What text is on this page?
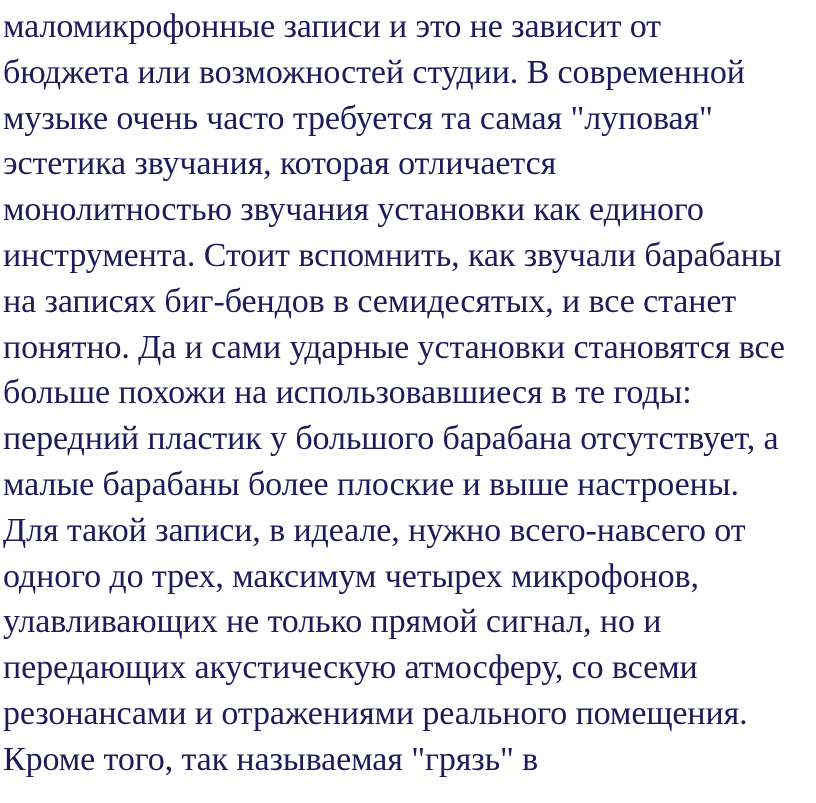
маломикрофонные записи и это не зависит от
бюджета или возможностей студии. В современной
музыке очень часто требуется та самая "луповая"
эстетика звучания, которая отличается
монолитностью звучания установки как единого
инструмента. Стоит вспомнить, как звучали барабаны
на записях биг-бендов в семидесятых, и все станет
понятно. Да и сами ударные установки становятся все
больше похожи на использовавшиеся в те годы:
передний пластик у большого барабана отсутствует, а
малые барабаны более плоские и выше настроены.
Для такой записи, в идеале, нужно всего-навсего от
одного до трех, максимум четырех микрофонов,
улавливающих не только прямой сигнал, но и
передающих акустическую атмосферу, со всеми
резонансами и отражениями реального помещения.
Кроме того, так называемая "грязь" в
